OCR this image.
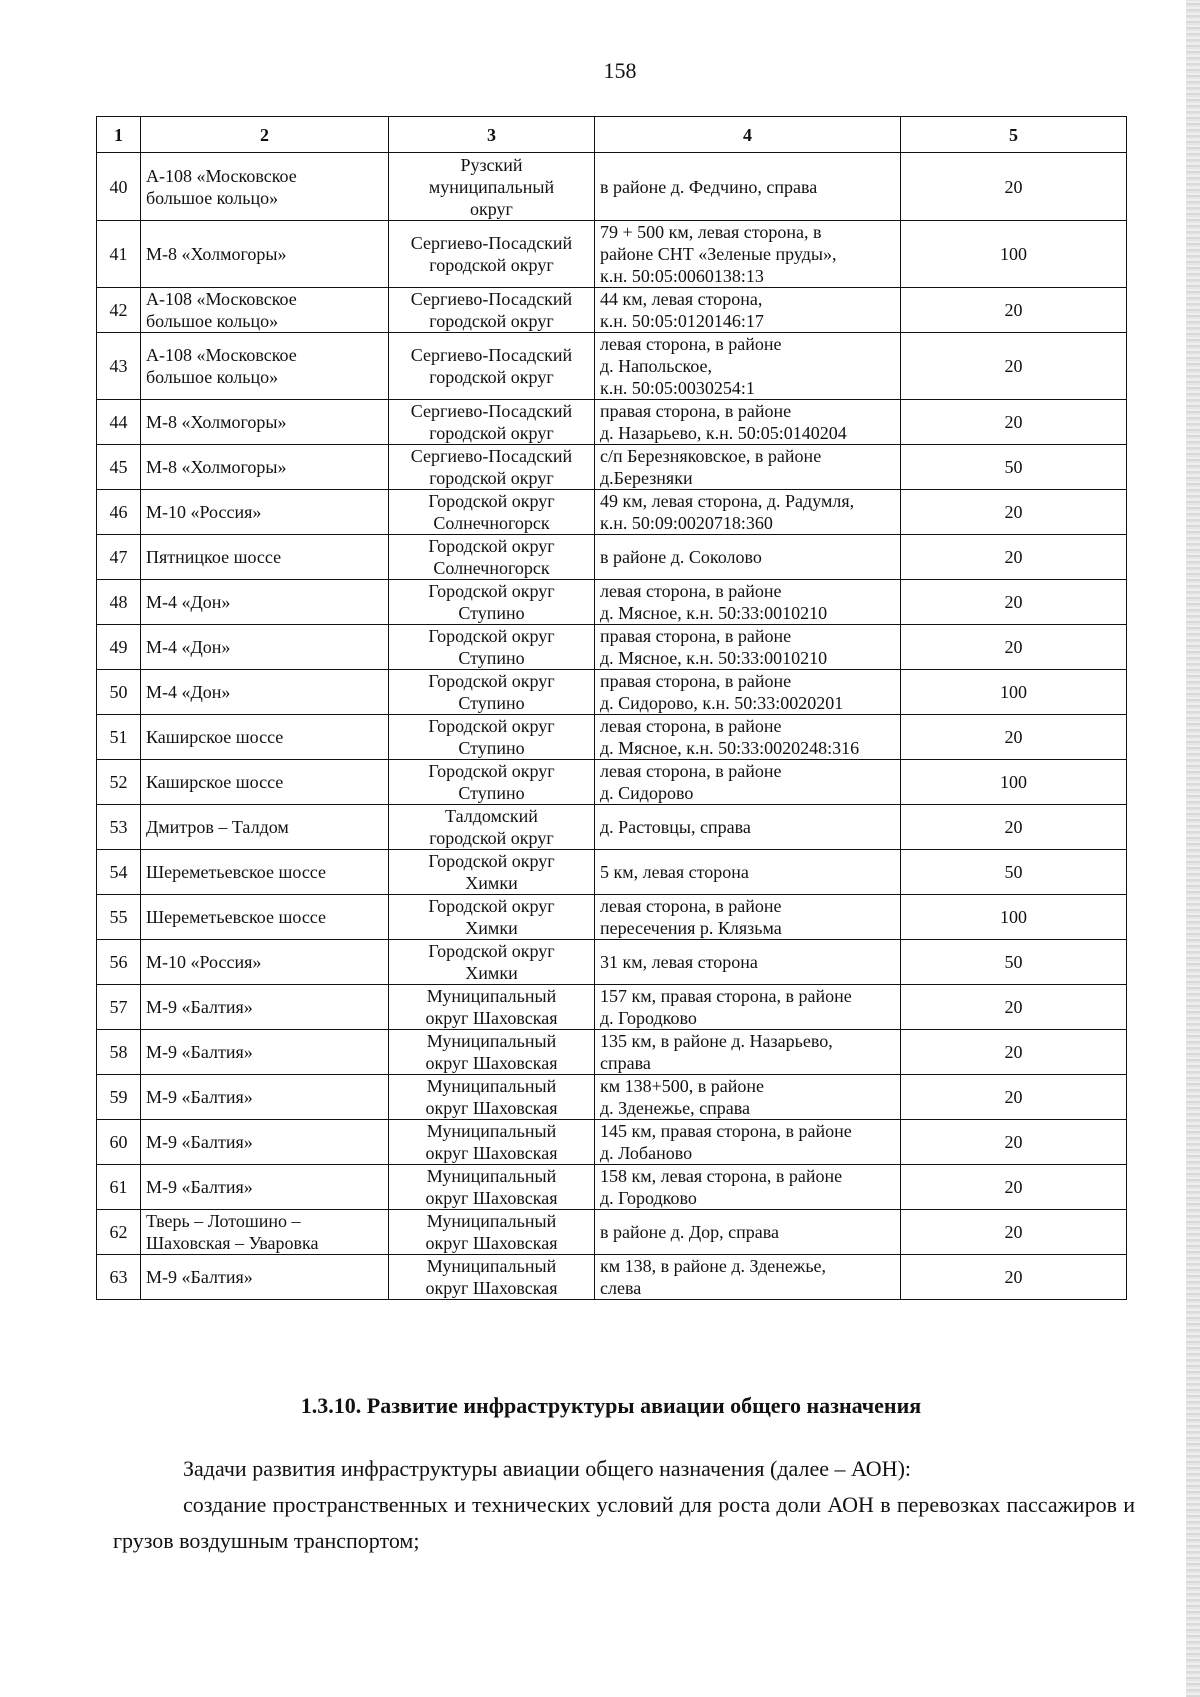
158
1	2	3	4	5

40	А-108 «Московское
большое кольцо»	Рузский
муниципальный
округ	в районе д. Федчино, справа	20

41	М-8 «Холмогоры»	Сергиево-Посадский
городской округ	79 + 500 км, левая сторона, в
районе СНТ «Зеленые пруды»,
к.н. 50:05:0060138:13	100

42	А-108 «Московское
большое кольцо»	Сергиево-Посадский
городской округ	44 км, левая сторона,
к.н. 50:05:0120146:17	20

43	А-108 «Московское
большое кольцо»	Сергиево-Посадский
городской округ	левая сторона, в районе
д. Напольское,
к.н. 50:05:0030254:1	20

44	М-8 «Холмогоры»	Сергиево-Посадский
городской округ	правая сторона, в районе
д. Назарьево, к.н. 50:05:0140204	20

45	М-8 «Холмогоры»	Сергиево-Посадский
городской округ	с/п Березняковское, в районе
д.Березняки	50

46	М-10 «Россия»	Городской округ
Солнечногорск	49 км, левая сторона, д. Радумля,
к.н. 50:09:0020718:360	20

47	Пятницкое шоссе	Городской округ
Солнечногорск	в районе д. Соколово	20

48	М-4 «Дон»	Городской округ
Ступино	левая сторона, в районе
д. Мясное, к.н. 50:33:0010210	20

49	М-4 «Дон»	Городской округ
Ступино	правая сторона, в районе
д. Мясное, к.н. 50:33:0010210	20

50	М-4 «Дон»	Городской округ
Ступино	правая сторона, в районе
д. Сидорово, к.н. 50:33:0020201	100

51	Каширское шоссе	Городской округ
Ступино	левая сторона, в районе
д. Мясное, к.н. 50:33:0020248:316	20

52	Каширское шоссе	Городской округ
Ступино	левая сторона, в районе
д. Сидорово	100

53	Дмитров – Талдом	Талдомский
городской округ	д. Растовцы, справа	20

54	Шереметьевское шоссе	Городской округ
Химки	5 км, левая сторона	50

55	Шереметьевское шоссе	Городской округ
Химки	левая сторона, в районе
пересечения р. Клязьма	100

56	М-10 «Россия»	Городской округ
Химки	31 км, левая сторона	50

57	М-9 «Балтия»	Муниципальный
округ Шаховская	157 км, правая сторона, в районе
д. Городково	20

58	М-9 «Балтия»	Муниципальный
округ Шаховская	135 км, в районе д. Назарьево,
справа	20

59	М-9 «Балтия»	Муниципальный
округ Шаховская	км 138+500, в районе
д. Зденежье, справа	20

60	М-9 «Балтия»	Муниципальный
округ Шаховская	145 км, правая сторона, в районе
д. Лобаново	20

61	М-9 «Балтия»	Муниципальный
округ Шаховская	158 км, левая сторона, в районе
д. Городково	20

62	Тверь – Лотошино –
Шаховская – Уваровка	Муниципальный
округ Шаховская	в районе д. Дор, справа	20

63	М-9 «Балтия»	Муниципальный
округ Шаховская	км 138, в районе д. Зденежье,
слева	20
1.3.10. Развитие инфраструктуры авиации общего назначения
Задачи развития инфраструктуры авиации общего назначения (далее – АОН):
создание пространственных и технических условий для роста доли АОН в перевозках пассажиров и грузов воздушным транспортом;
